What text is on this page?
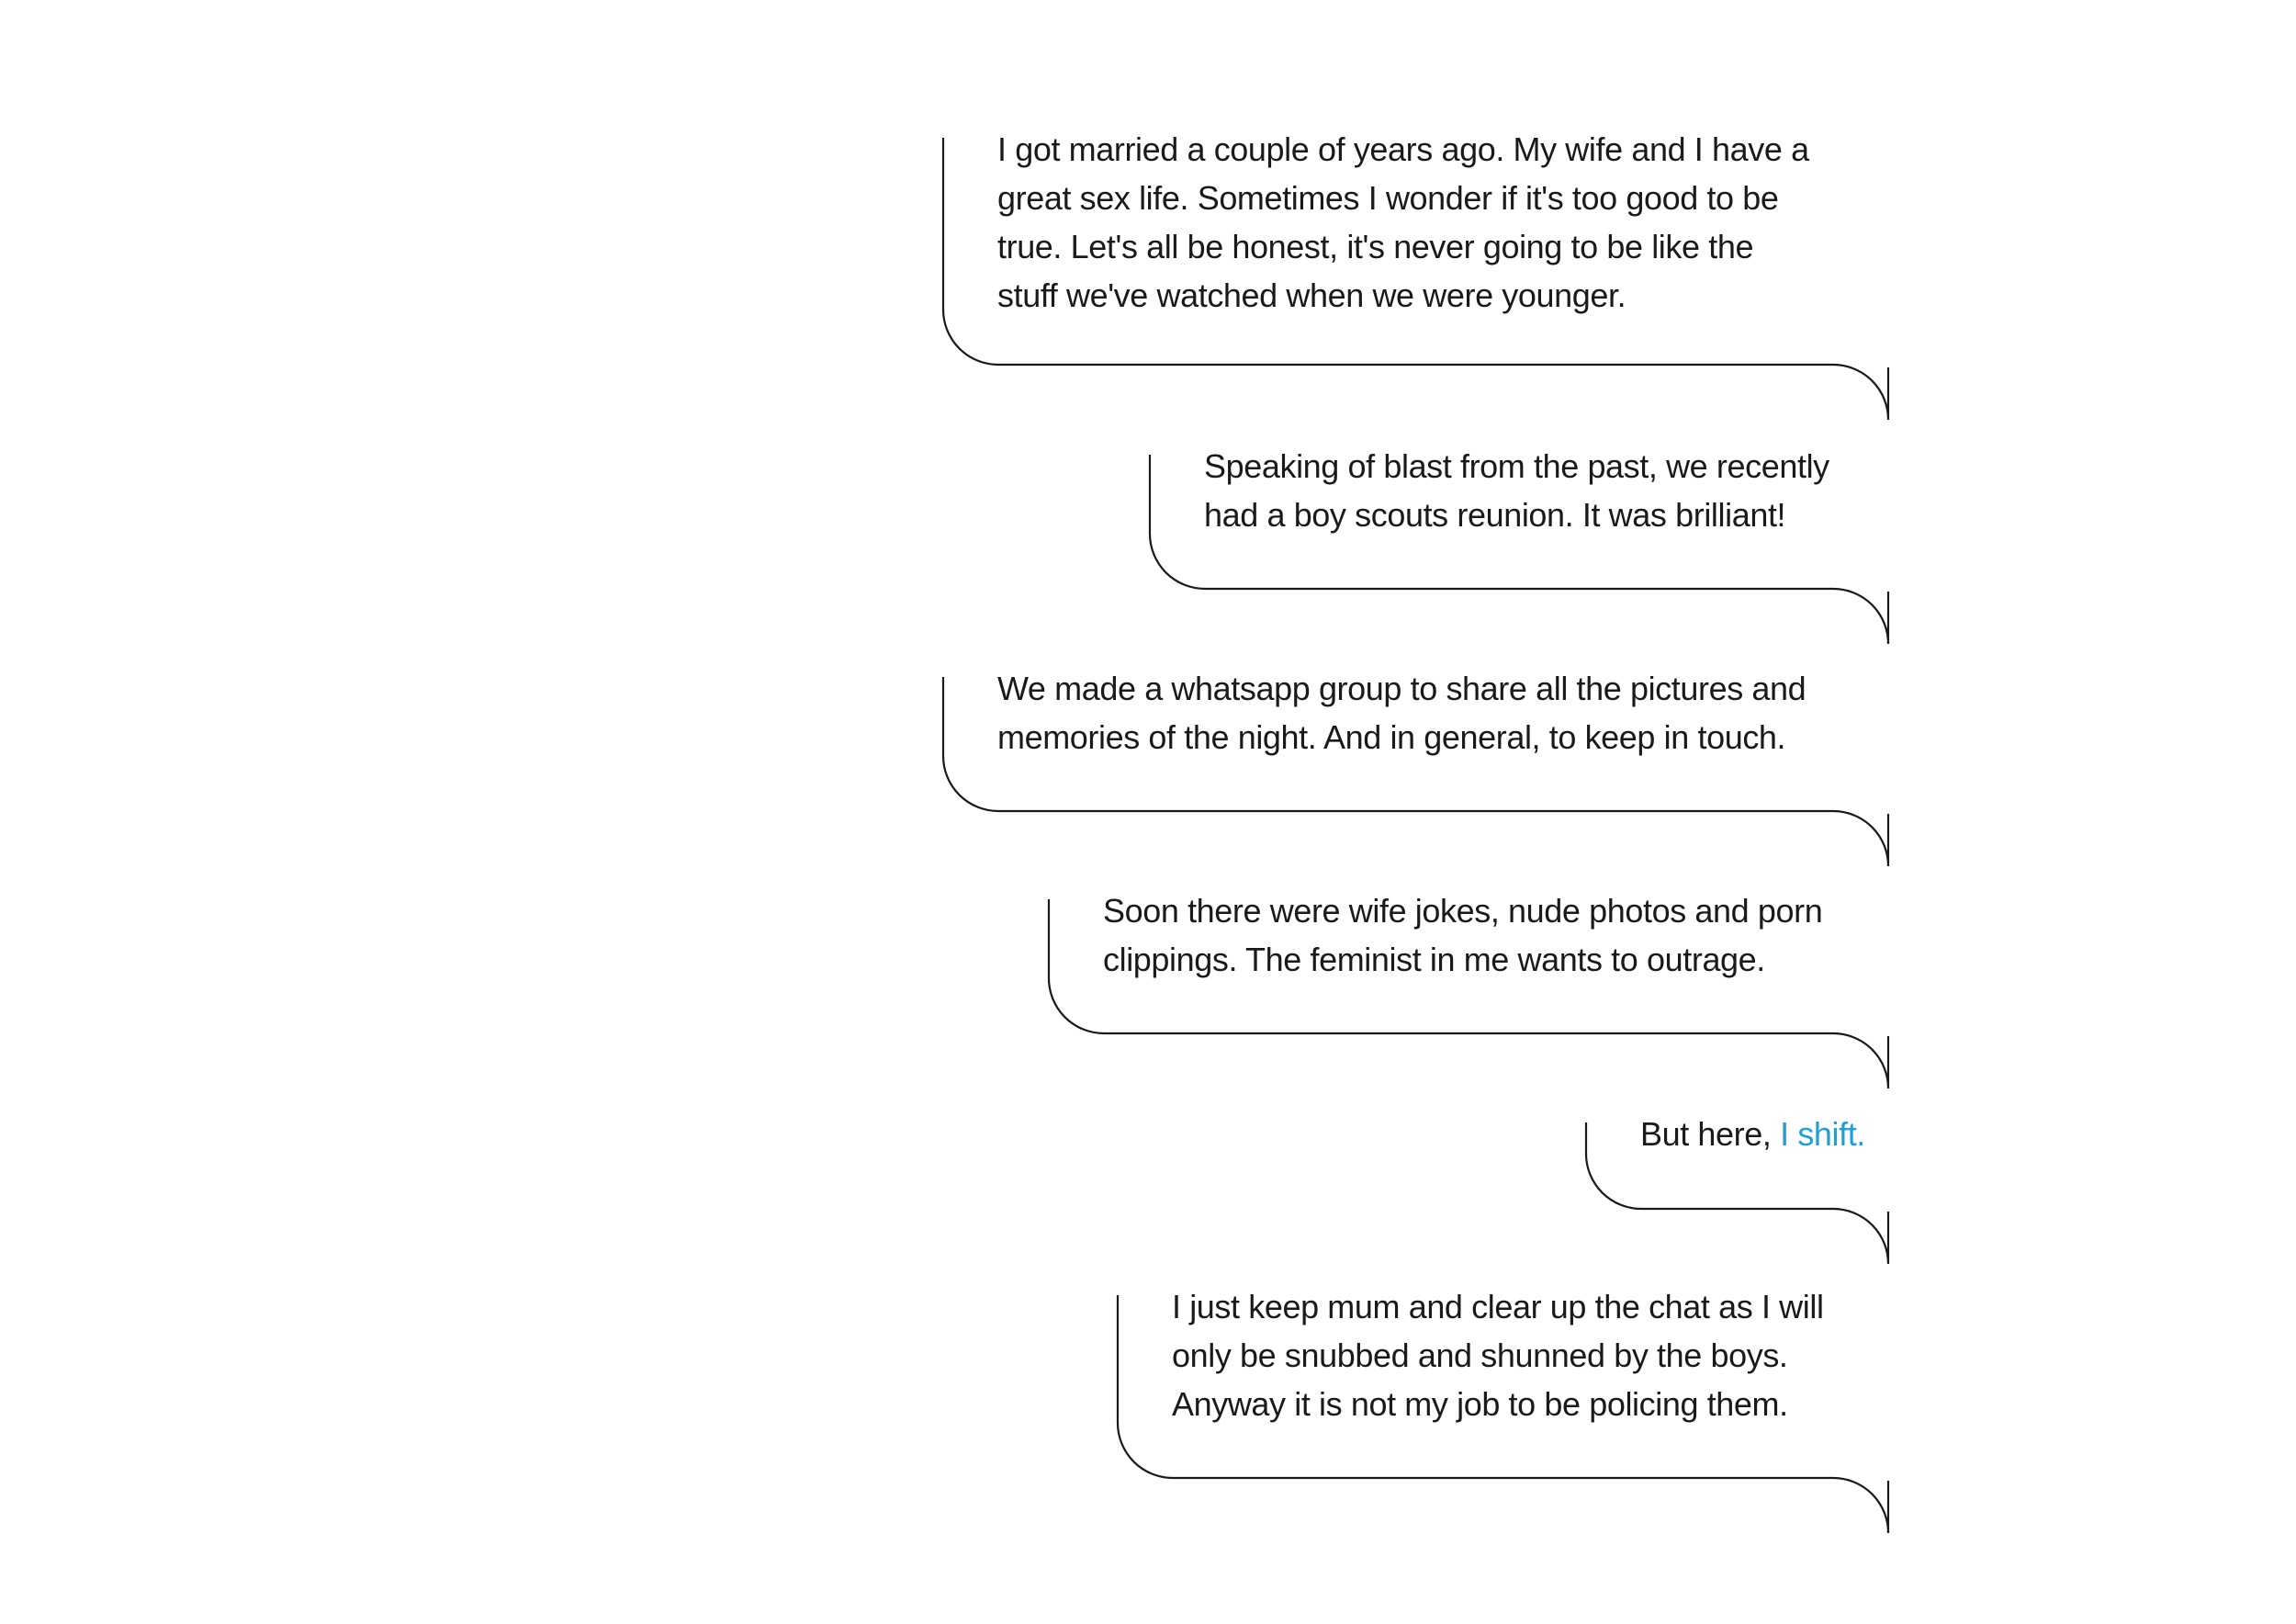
I got married a couple of years ago. My wife and I have a
great sex life. Sometimes I wonder if it's too good to be
true. Let's all be honest, it's never going to be like the
stuff we've watched when we were younger.
Speaking of blast from the past, we recently
had a boy scouts reunion. It was brilliant!
We made a whatsapp group to share all the pictures and
memories of the night. And in general, to keep in touch.
Soon there were wife jokes, nude photos and porn
clippings. The feminist in me wants to outrage.
But here, I shift.
I just keep mum and clear up the chat as I will
only be snubbed and shunned by the boys.
Anyway it is not my job to be policing them.
